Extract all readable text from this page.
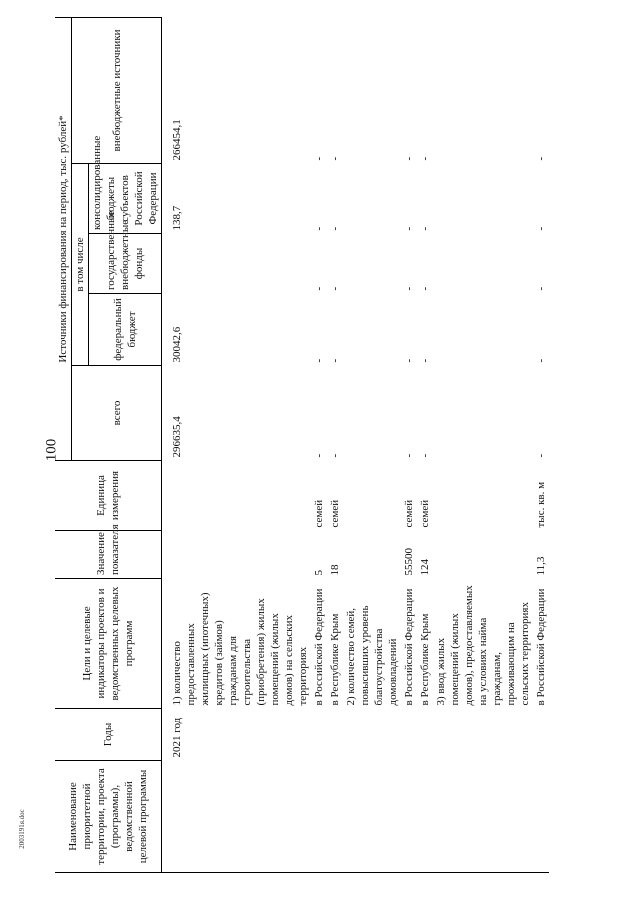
100
2003191я.doc	Наименование приоритетной территории, проекта (программы), ведомственной целевой программы	Годы	Цели и целевые индикаторы проектов и ведомственных целевых программ	Значение показателя	Единица измерения	Источники финансирования на период, тыс. рублей*				
					всего	в том числе			внебюджетные источники
						федеральный бюджет	государственные внебюджетные фонды	консолидированные бюджеты субъектов Российской Федерации	
	2021 год	1) количество предоставленных жилищных (ипотечных) кредитов (займов) гражданам для строительства (приобретения) жилых помещений (жилых домов) на сельских территориях			296635,4	30042,6		138,7	266454,1
		в Российской Федерации	5	семей	-	-	-	-	-
		в Республике Крым	18	семей	-	-	-	-	-
		2) количество семей, повысивших уровень благоустройства домовладений							
		в Российской Федерации	55500	семей	-	-	-	-	-
		в Республике Крым	124	семей	-	-	-	-	-
		3) ввод жилых помещений (жилых домов), предоставляемых на условиях найма гражданам, проживающим на сельских территориях							
		в Российской Федерации	11,3	тыс. кв. м	-	-	-	-	-
